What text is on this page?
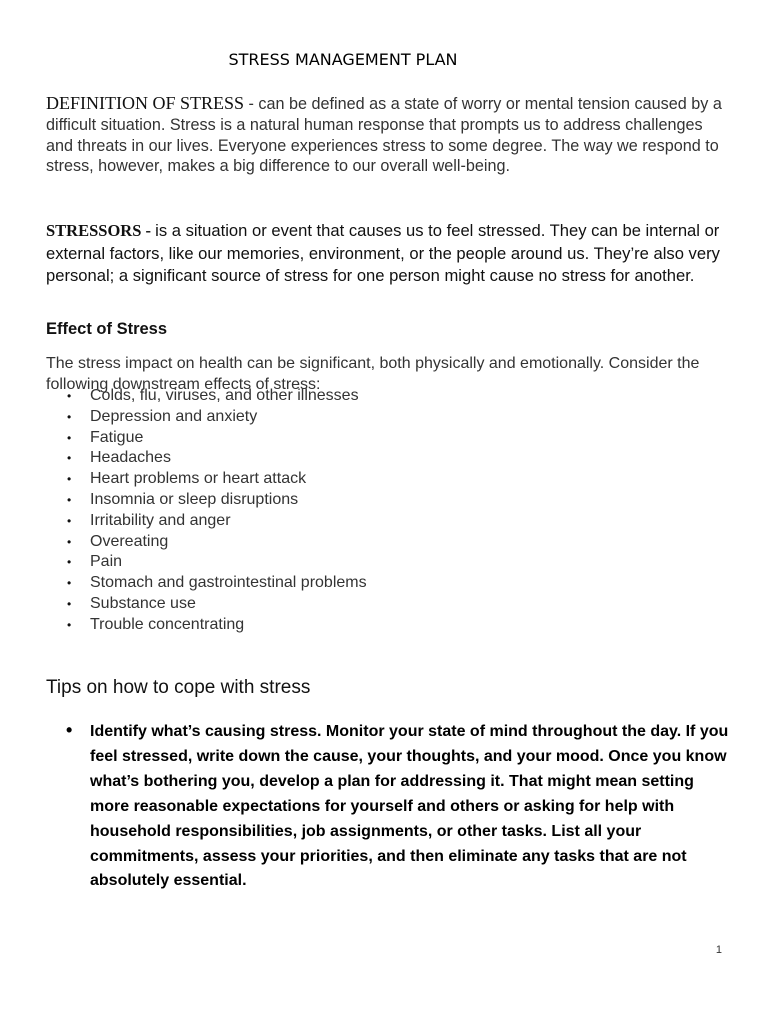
STRESS MANAGEMENT PLAN

DEFINITION OF STRESS - can be defined as a state of worry or mental tension caused by a difficult situation. Stress is a natural human response that prompts us to address challenges and threats in our lives. Everyone experiences stress to some degree. The way we respond to stress, however, makes a big difference to our overall well-being.

STRESSORS - is a situation or event that causes us to feel stressed. They can be internal or external factors, like our memories, environment, or the people around us. They’re also very personal; a significant source of stress for one person might cause no stress for another.

Effect of Stress

The stress impact on health can be significant, both physically and emotionally. Consider the following downstream effects of stress:

• Colds, flu, viruses, and other illnesses
• Depression and anxiety
• Fatigue
• Headaches
• Heart problems or heart attack
• Insomnia or sleep disruptions
• Irritability and anger
• Overeating
• Pain
• Stomach and gastrointestinal problems
• Substance use
• Trouble concentrating
Tips on how to cope with stress
• Identify what’s causing stress. Monitor your state of mind throughout the day. If you feel stressed, write down the cause, your thoughts, and your mood. Once you know what’s bothering you, develop a plan for addressing it. That might mean setting more reasonable expectations for yourself and others or asking for help with household responsibilities, job assignments, or other tasks. List all your commitments, assess your priorities, and then eliminate any tasks that are not absolutely essential.
1
